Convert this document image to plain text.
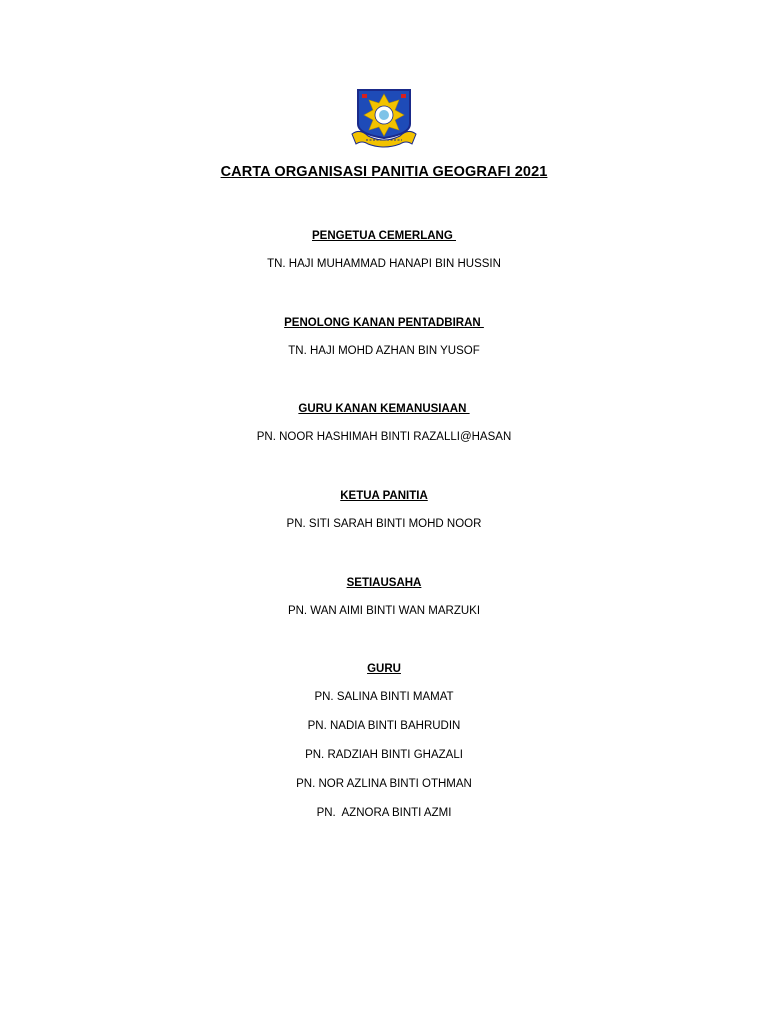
CARTA ORGANISASI PANITIA GEOGRAFI 2021
PENGETUA CEMERLANG
TN. HAJI MUHAMMAD HANAPI BIN HUSSIN
PENOLONG KANAN PENTADBIRAN
TN. HAJI MOHD AZHAN BIN YUSOF
GURU KANAN KEMANUSIAAN
PN. NOOR HASHIMAH BINTI RAZALLI@HASAN
KETUA PANITIA
PN. SITI SARAH BINTI MOHD NOOR
SETIAUSAHA
PN. WAN AIMI BINTI WAN MARZUKI
GURU
PN. SALINA BINTI MAMAT
PN. NADIA BINTI BAHRUDIN
PN. RADZIAH BINTI GHAZALI
PN. NOR AZLINA BINTI OTHMAN
PN.  AZNORA BINTI AZMI
